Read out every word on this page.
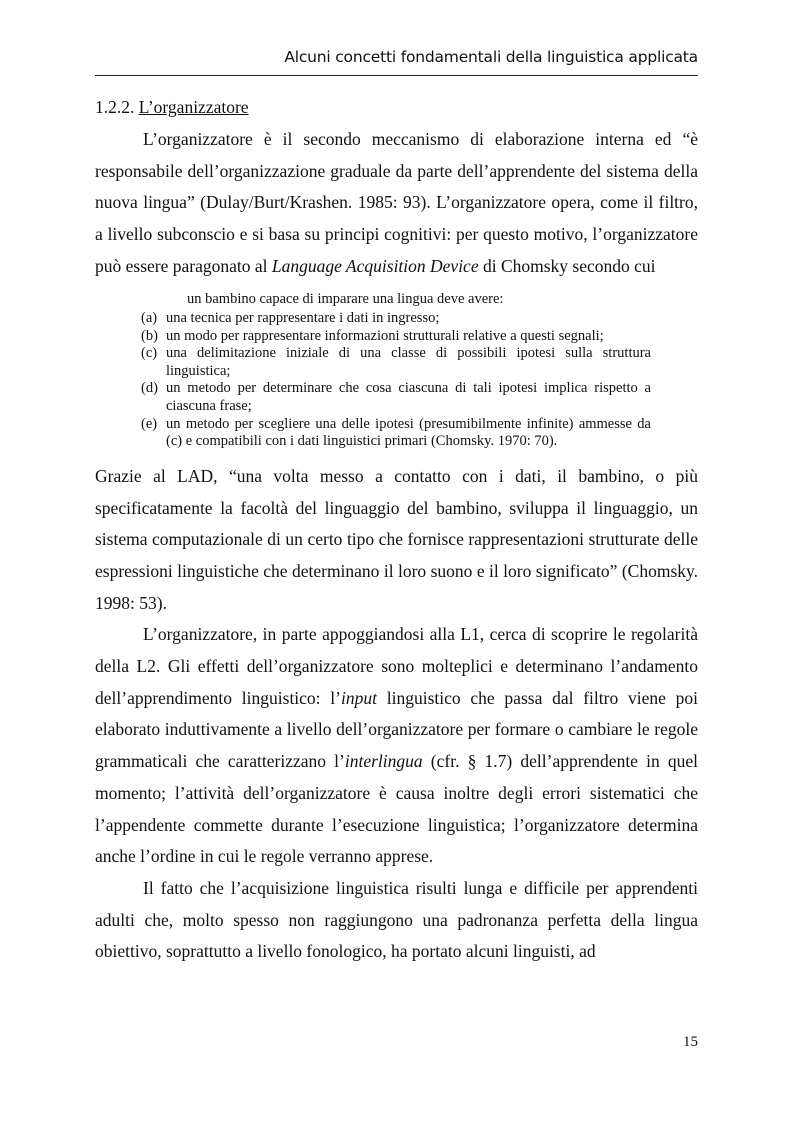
Alcuni concetti fondamentali della linguistica applicata
1.2.2. L’organizzatore

L’organizzatore è il secondo meccanismo di elaborazione interna ed “è responsabile dell’organizzazione graduale da parte dell’apprendente del sistema della nuova lingua” (Dulay/Burt/Krashen. 1985: 93). L’organizzatore opera, come il filtro, a livello subconscio e si basa su principi cognitivi: per questo motivo, l’organizzatore può essere paragonato al Language Acquisition Device di Chomsky secondo cui

un bambino capace di imparare una lingua deve avere:
(a) una tecnica per rappresentare i dati in ingresso;
(b) un modo per rappresentare informazioni strutturali relative a questi segnali;
(c) una delimitazione iniziale di una classe di possibili ipotesi sulla struttura linguistica;
(d) un metodo per determinare che cosa ciascuna di tali ipotesi implica rispetto a ciascuna frase;
(e) un metodo per scegliere una delle ipotesi (presumibilmente infinite) ammesse da (c) e compatibili con i dati linguistici primari (Chomsky. 1970: 70).

Grazie al LAD, “una volta messo a contatto con i dati, il bambino, o più specificatamente la facoltà del linguaggio del bambino, sviluppa il linguaggio, un sistema computazionale di un certo tipo che fornisce rappresentazioni strutturate delle espressioni linguistiche che determinano il loro suono e il loro significato” (Chomsky. 1998: 53).

L’organizzatore, in parte appoggiandosi alla L1, cerca di scoprire le regolarità della L2. Gli effetti dell’organizzatore sono molteplici e determinano l’andamento dell’apprendimento linguistico: l’input linguistico che passa dal filtro viene poi elaborato induttivamente a livello dell’organizzatore per formare o cambiare le regole grammaticali che caratterizzano l’interlingua (cfr. § 1.7) dell’apprendente in quel momento; l’attività dell’organizzatore è causa inoltre degli errori sistematici che l’appendente commette durante l’esecuzione linguistica; l’organizzatore determina anche l’ordine in cui le regole verranno apprese.

Il fatto che l’acquisizione linguistica risulti lunga e difficile per apprendenti adulti che, molto spesso non raggiungono una padronanza perfetta della lingua obiettivo, soprattutto a livello fonologico, ha portato alcuni linguisti, ad

15
